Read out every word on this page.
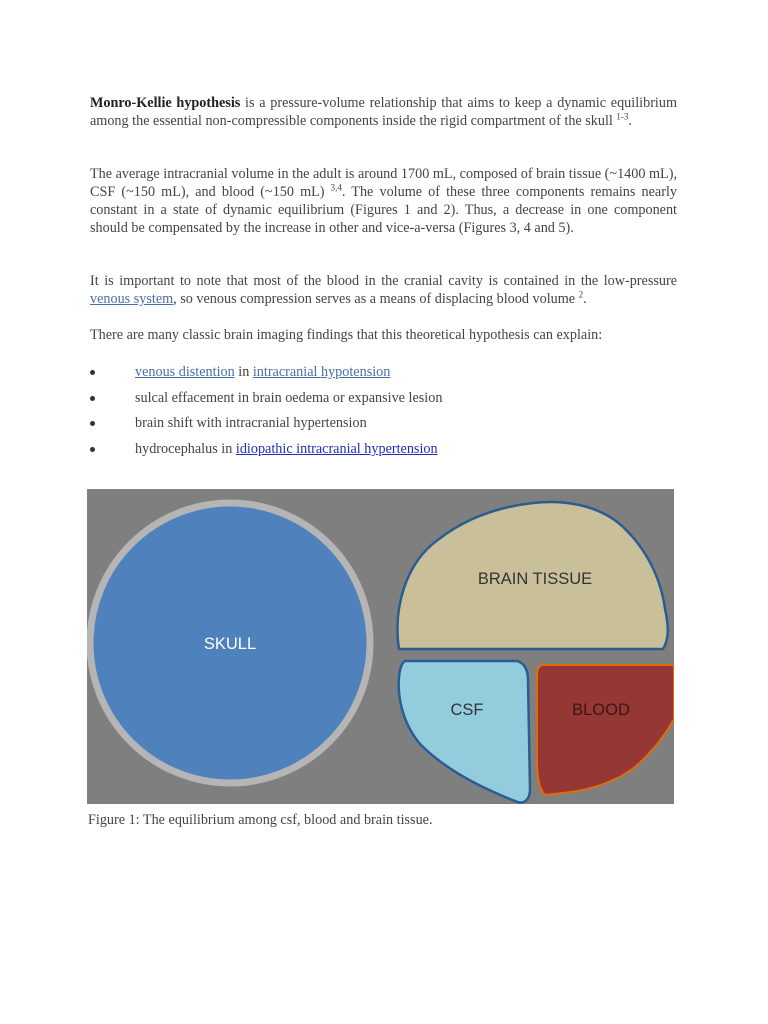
Monro-Kellie hypothesis is a pressure-volume relationship that aims to keep a dynamic equilibrium among the essential non-compressible components inside the rigid compartment of the skull $^{1-3}$.

The average intracranial volume in the adult is around 1700 mL, composed of brain tissue (~1400 mL), CSF (~150 mL), and blood (~150 mL) $^{3,4}$. The volume of these three components remains nearly constant in a state of dynamic equilibrium (Figures 1 and 2). Thus, a decrease in one component should be compensated by the increase in other and vice-a-versa (Figures 3, 4 and 5).

It is important to note that most of the blood in the cranial cavity is contained in the low-pressure venous system, so venous compression serves as a means of displacing blood volume $^2$.

There are many classic brain imaging findings that this theoretical hypothesis can explain:

venous distention in intracranial hypotension
sulcal effacement in brain oedema or expansive lesion
brain shift with intracranial hypertension
hydrocephalus in idiopathic intracranial hypertension
SKULL
BRAIN TISSUE
CSF	BLOOD

Figure 1: The equilibrium among csf, blood and brain tissue.
